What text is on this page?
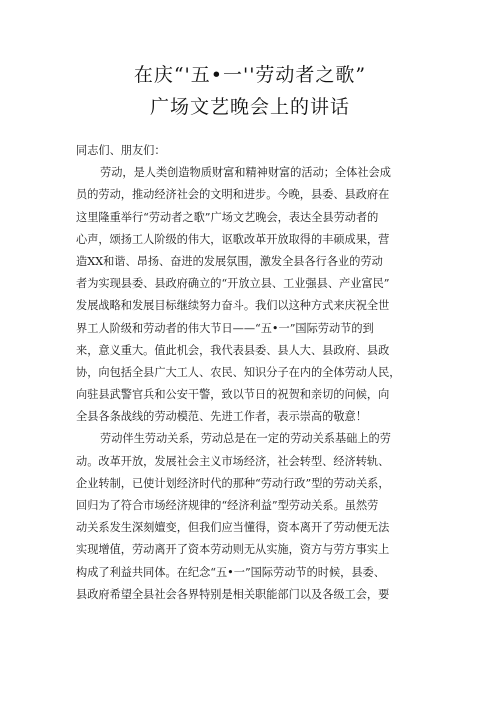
在庆“'五•一''劳动者之歌”
广场文艺晚会上的讲话
同志们、朋友们：
劳动，是人类创造物质财富和精神财富的活动；全体社会成
员的劳动，推动经济社会的文明和进步。今晚，县委、县政府在
这里隆重举行“劳动者之歌”广场文艺晚会，表达全县劳动者的
心声，颂扬工人阶级的伟大，讴歌改革开放取得的丰硕成果，营
造XX和谐、昂扬、奋进的发展氛围，激发全县各行各业的劳动
者为实现县委、县政府确立的“开放立县、工业强县、产业富民”
发展战略和发展目标继续努力奋斗。我们以这种方式来庆祝全世
界工人阶级和劳动者的伟大节日——“五•一”国际劳动节的到
来，意义重大。值此机会，我代表县委、县人大、县政府、县政
协，向包括全县广大工人、农民、知识分子在内的全体劳动人民，
向驻县武警官兵和公安干警，致以节日的祝贺和亲切的问候，向
全县各条战线的劳动模范、先进工作者，表示崇高的敬意！
劳动伴生劳动关系，劳动总是在一定的劳动关系基础上的劳
动。改革开放，发展社会主义市场经济，社会转型、经济转轨、
企业转制，已使计划经济时代的那种“劳动行政”型的劳动关系，
回归为了符合市场经济规律的“经济利益”型劳动关系。虽然劳
动关系发生深刻嬗变，但我们应当懂得，资本离开了劳动便无法
实现增值，劳动离开了资本劳动则无从实施，资方与劳方事实上
构成了利益共同体。在纪念“五•一”国际劳动节的时候，县委、
县政府希望全县社会各界特别是相关职能部门以及各级工会，要
